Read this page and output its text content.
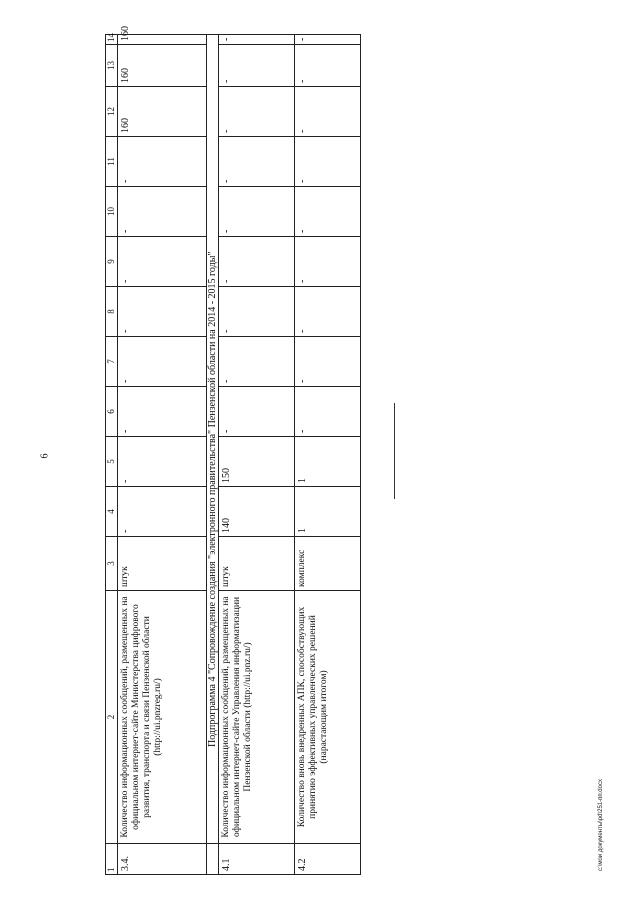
6
c:\мои документы\pd\251-пп.docx
1	2	3	4	5	6	7	8	9	10	11	12	13	14
3.4.	Количество информационных сообщений, размещенных на официальном интернет-сайте Министерства цифрового развития, транспорта и связи Пензенской области (http://ui.pnzreg.ru/)	штук	-	-	-	-	-	-	-	-	160	160	160
	Подпрограмма 4 "Сопровождение создания "электронного правительства" Пензенской области на 2014 - 2015 годы"												
4.1	Количество информационных сообщений, размещенных на официальном интернет-сайте Управления информатизации Пензенской области (http://ui.pnz.ru/)	штук	140	150	-	-	-	-	-	-	-	-	-
4.2	Количество вновь внедренных АПК, способствующих принятию эффективных управленческих решений (нарастающим итогом)	комплекс	1	1	-	-	-	-	-	-	-	-	-
